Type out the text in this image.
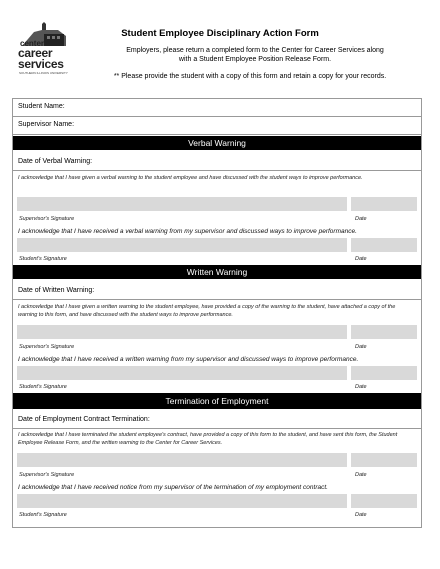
center
career
services
SOUTHERN ILLINOIS UNIVERSITY
Student Employee Disciplinary Action Form
Employers, please return a completed form to the Center for Career Services along
with a Student Employee Position Release Form.
** Please provide the student with a copy of this form and retain a copy for your records.
Student Name:
Supervisor Name:
Verbal Warning
Date of Verbal Warning:
I acknowledge that I have given a verbal warning to the student employee and have discussed with the student ways to improve performance.
Supervisor's Signature	Date
I acknowledge that I have received a verbal warning from my supervisor and discussed ways to improve performance.
Student's Signature	Date
Written Warning
Date of Written Warning:
I acknowledge that I have given a written warning to the student employee, have provided a copy of the warning to the student, have attached a copy of the warning to this form, and have discussed with the student ways to improve performance.
Supervisor's Signature	Date
I acknowledge that I have received a written warning from my supervisor and discussed ways to improve performance.
Student's Signature	Date
Termination of Employment
Date of Employment Contract Termination:
I acknowledge that I have terminated the student employee's contract, have provided a copy of this form to the student, and have sent this form, the Student Employee Release Form, and the written warning to the Center for Career Services.
Supervisor's Signature	Date
I acknowledge that I have received notice from my supervisor of the termination of my employment contract.
Student's Signature	Date
